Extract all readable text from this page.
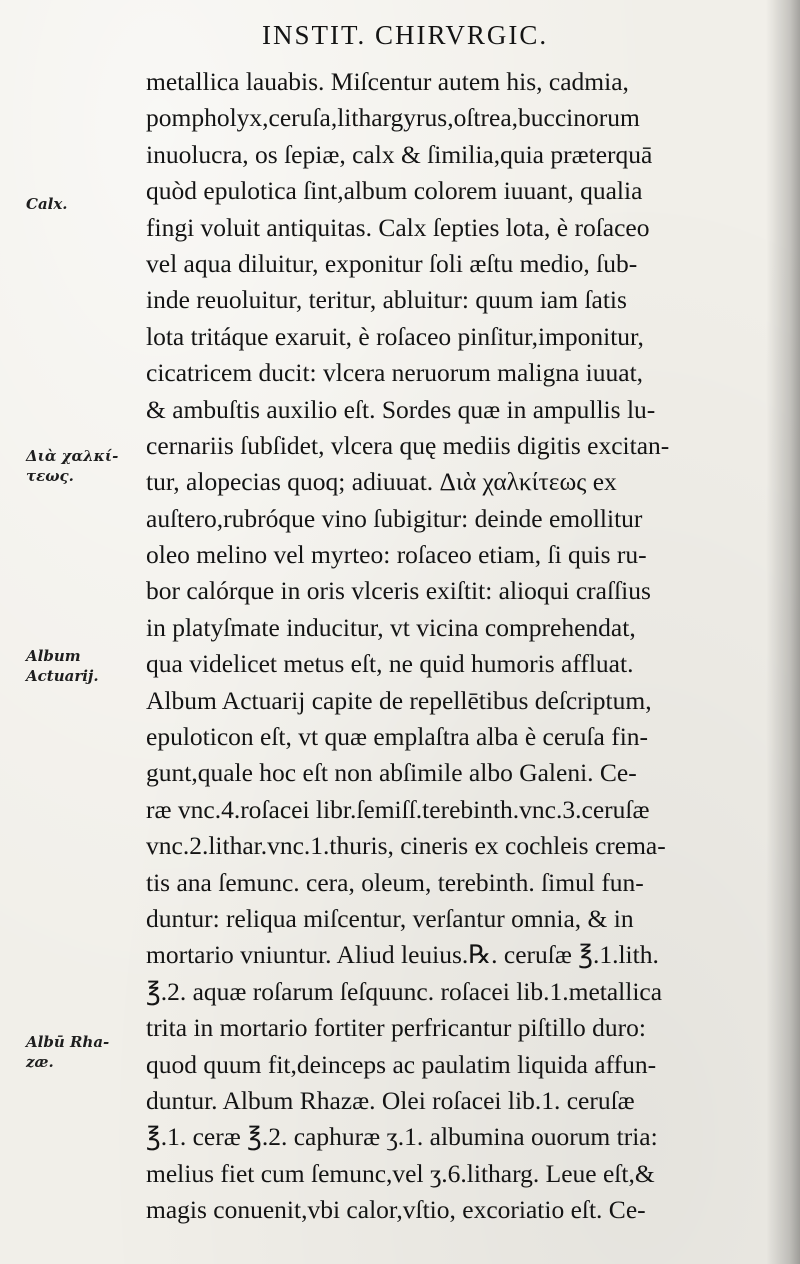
INSTIT. CHIRVRGIC.
metallica lauabis. Miſcentur autem his, cadmia,
pompholyx,ceruſa,lithargyrus,oſtrea,buccinorum
inuolucra, os ſepiæ, calx & ſimilia,quia præterquā
quòd epulotica ſint,album colorem iuuant, qualia
fingi voluit antiquitas. Calx ſepties lota, è roſaceo
vel aqua diluitur, exponitur ſoli æſtu medio, ſub-
inde reuoluitur, teritur, abluitur: quum iam ſatis
lota tritáque exaruit, è roſaceo pinſitur,imponitur,
cicatricem ducit: vlcera neruorum maligna iuuat,
& ambuſtis auxilio eſt. Sordes quæ in ampullis lu-
cernariis ſubſidet, vlcera quę mediis digitis excitan-
tur, alopecias quoq; adiuuat. Διὰ χαλκίτεως ex
auſtero,rubróque vino ſubigitur: deinde emollitur
oleo melino vel myrteo: roſaceo etiam, ſi quis ru-
bor calórque in oris vlceris exiſtit: alioqui craſſius
in platyſmate inducitur, vt vicina comprehendat,
qua videlicet metus eſt, ne quid humoris affluat.
Album Actuarij capite de repellētibus deſcriptum,
epuloticon eſt, vt quæ emplaſtra alba è ceruſa fin-
gunt,quale hoc eſt non abſimile albo Galeni. Ce-
ræ vnc.4.roſacei libr.ſemiſſ.terebinth.vnc.3.ceruſæ
vnc.2.lithar.vnc.1.thuris, cineris ex cochleis crema-
tis ana ſemunc. cera, oleum, terebinth. ſimul fun-
duntur: reliqua miſcentur, verſantur omnia, & in
mortario vniuntur. Aliud leuius.℞. ceruſæ ℥.1.lith.
℥.2. aquæ roſarum ſeſquunc. roſacei lib.1.metallica
trita in mortario fortiter perfricantur piſtillo duro:
quod quum fit,deinceps ac paulatim liquida affun-
duntur. Album Rhazæ. Olei roſacei lib.1. ceruſæ
℥.1. ceræ ℥.2. caphuræ ʒ.1. albumina ouorum tria:
melius fiet cum ſemunc,vel ʒ.6.litharg. Leue eſt,&
magis conuenit,vbi calor,vſtio, excoriatio eſt. Ce-
Calx.
Διὰ χαλκί-
τεως.
Album
Actuarij.
Albū Rha-
zæ.
